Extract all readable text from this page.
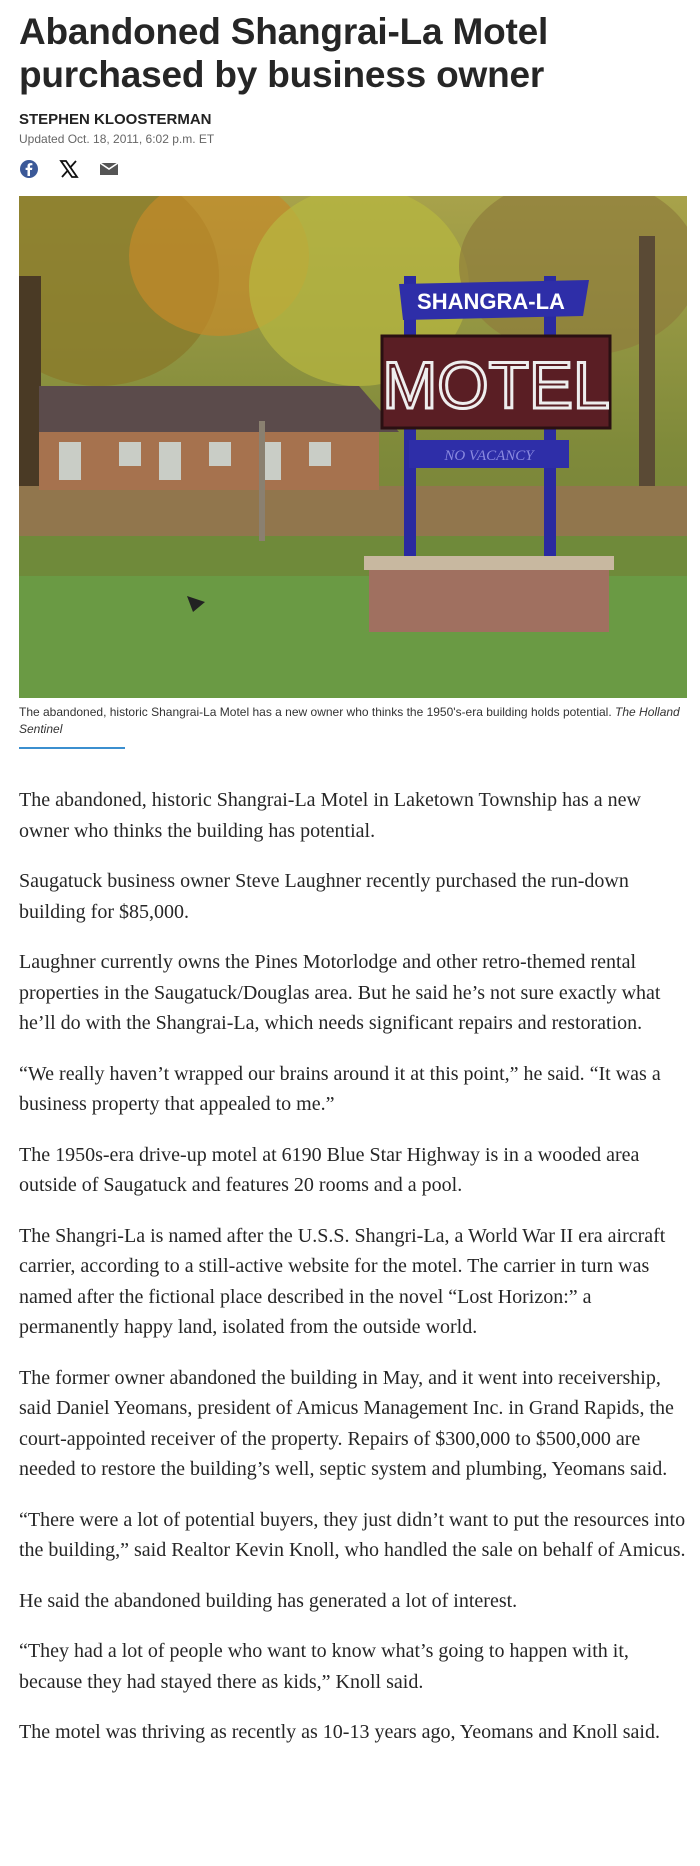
Abandoned Shangrai-La Motel purchased by business owner
STEPHEN KLOOSTERMAN
Updated Oct. 18, 2011, 6:02 p.m. ET
SHANGRA-LA
MOTEL
NO VACANCY
The abandoned, historic Shangrai-La Motel has a new owner who thinks the 1950's-era building holds potential. The Holland Sentinel

The abandoned, historic Shangrai-La Motel in Laketown Township has a new owner who thinks the building has potential.

Saugatuck business owner Steve Laughner recently purchased the run-down building for $85,000.

Laughner currently owns the Pines Motorlodge and other retro-themed rental properties in the Saugatuck/Douglas area. But he said he’s not sure exactly what he’ll do with the Shangrai-La, which needs significant repairs and restoration.

“We really haven’t wrapped our brains around it at this point,” he said. “It was a business property that appealed to me.”

The 1950s-era drive-up motel at 6190 Blue Star Highway is in a wooded area outside of Saugatuck and features 20 rooms and a pool.

The Shangri-La is named after the U.S.S. Shangri-La, a World War II era aircraft carrier, according to a still-active website for the motel. The carrier in turn was named after the fictional place described in the novel “Lost Horizon:” a permanently happy land, isolated from the outside world.

The former owner abandoned the building in May, and it went into receivership, said Daniel Yeomans, president of Amicus Management Inc. in Grand Rapids, the court-appointed receiver of the property. Repairs of $300,000 to $500,000 are needed to restore the building’s well, septic system and plumbing, Yeomans said.

“There were a lot of potential buyers, they just didn’t want to put the resources into the building,” said Realtor Kevin Knoll, who handled the sale on behalf of Amicus.

He said the abandoned building has generated a lot of interest.

“They had a lot of people who want to know what’s going to happen with it, because they had stayed there as kids,” Knoll said.

The motel was thriving as recently as 10-13 years ago, Yeomans and Knoll said.
